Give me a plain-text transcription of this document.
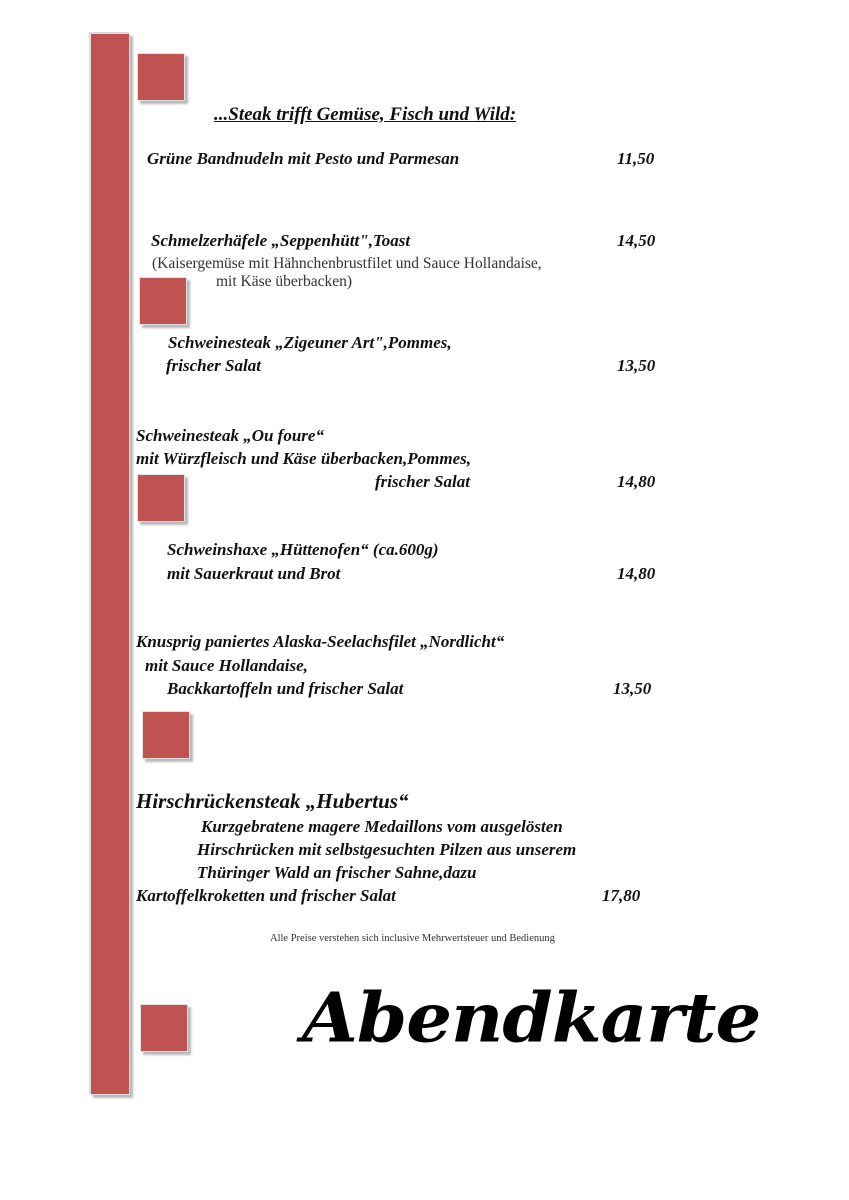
...Steak trifft Gemüse, Fisch und Wild:
Grüne Bandnudeln mit Pesto und Parmesan	11,50
Schmelzerhäfele „Seppenhütt",Toast	14,50
(Kaisergemüse mit Hähnchenbrustfilet und Sauce Hollandaise,
mit Käse überbacken)
Schweinesteak „Zigeuner Art",Pommes,
frischer Salat	13,50
Schweinesteak „Ou foure“
mit Würzfleisch und Käse überbacken,Pommes,
frischer Salat	14,80
Schweinshaxe „Hüttenofen“ (ca.600g)
mit Sauerkraut und Brot	14,80
Knusprig paniertes Alaska-Seelachsfilet „Nordlicht“
mit Sauce Hollandaise,
Backkartoffeln und frischer Salat	13,50
Hirschrückensteak „Hubertus“
Kurzgebratene magere Medaillons vom ausgelösten
Hirschrücken mit selbstgesuchten Pilzen aus unserem
Thüringer Wald an frischer Sahne,dazu
Kartoffelkroketten und frischer Salat	17,80
Alle Preise verstehen sich inclusive Mehrwertsteuer und Bedienung
Abendkarte
